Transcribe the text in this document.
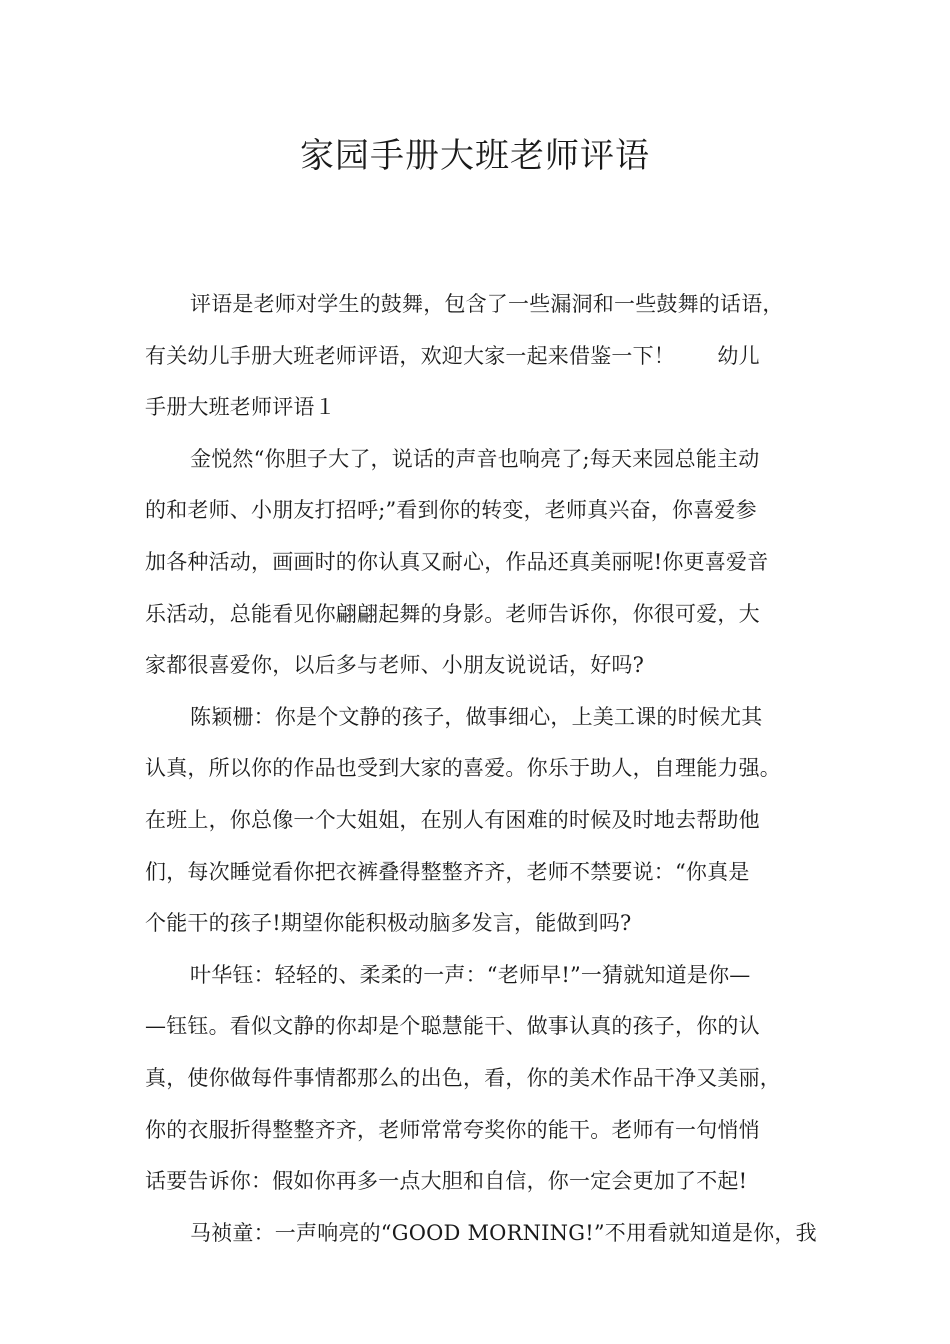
家园手册大班老师评语
评语是老师对学生的鼓舞，包含了一些漏洞和一些鼓舞的话语，
有关幼儿手册大班老师评语，欢迎大家一起来借鉴一下！　　幼儿
手册大班老师评语１
金悦然“你胆子大了，说话的声音也响亮了;每天来园总能主动
的和老师、小朋友打招呼;”看到你的转变，老师真兴奋，你喜爱参
加各种活动，画画时的你认真又耐心，作品还真美丽呢!你更喜爱音
乐活动，总能看见你翩翩起舞的身影。老师告诉你，你很可爱，大
家都很喜爱你，以后多与老师、小朋友说说话，好吗?
陈颖栅：你是个文静的孩子，做事细心，上美工课的时候尤其
认真，所以你的作品也受到大家的喜爱。你乐于助人，自理能力强。
在班上，你总像一个大姐姐，在别人有困难的时候及时地去帮助他
们，每次睡觉看你把衣裤叠得整整齐齐，老师不禁要说：“你真是
个能干的孩子!期望你能积极动脑多发言，能做到吗?
叶华钰：轻轻的、柔柔的一声：“老师早!”一猜就知道是你—
—钰钰。看似文静的你却是个聪慧能干、做事认真的孩子，你的认
真，使你做每件事情都那么的出色，看，你的美术作品干净又美丽，
你的衣服折得整整齐齐，老师常常夸奖你的能干。老师有一句悄悄
话要告诉你：假如你再多一点大胆和自信，你一定会更加了不起!
马祯童：一声响亮的“GOOD MORNING!”不用看就知道是你，我
